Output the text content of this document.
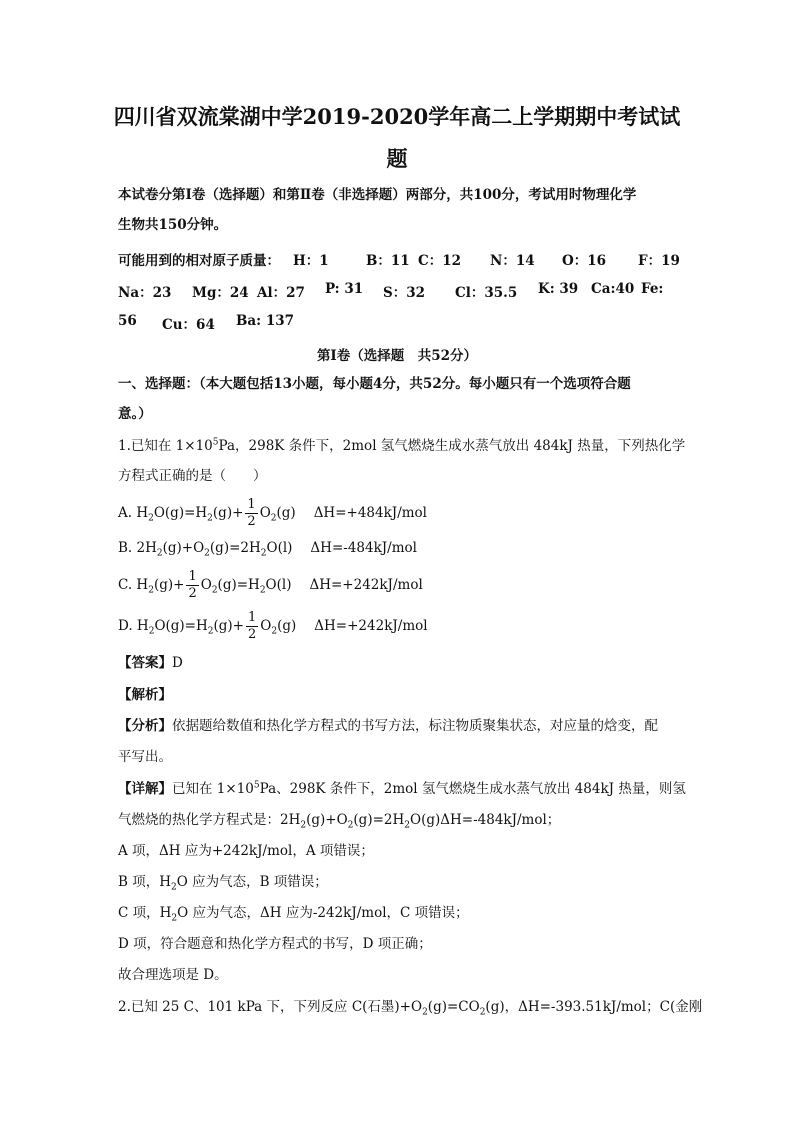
四川省双流棠湖中学2019-2020学年高二上学期期中考试试
题
本试卷分第Ⅰ卷（选择题）和第Ⅱ卷（非选择题）两部分，共100分，考试用时物理化学
生物共150分钟。
可能用到的相对原子质量： H：1	B：11 C：12 N：14 O：16 F：19
Na：23 Mg：24 Al：27 P: 31 S：32 Cl：35.5 K: 39 Ca:40 Fe:
56 Cu：64 Ba: 137
第Ⅰ卷（选择题　共52分）
一、选择题：（本大题包括13小题，每小题4分，共52分。每小题只有一个选项符合题
意。）
1.已知在 $1\times 10^5Pa$，298K 条件下，2mol 氢气燃烧生成水蒸气放出 484kJ 热量，下列热化学
方程式正确的是（　　）
A. $H_2O(g)=H_2(g)+ \frac{1}{2} O_2(g)$ ΔH=+484kJ/mol
B. $2H_2(g)+O_2(g)=2H_2O(l)$ ΔH=-484kJ/mol
C. $H_2(g)+ \frac{1}{2} O_2(g)=H_2O(l)$ ΔH=+242kJ/mol
D. $H_2O(g)=H_2(g)+ \frac{1}{2} O_2(g)$ ΔH=+242kJ/mol
【答案】D
【解析】
【分析】依据题给数值和热化学方程式的书写方法，标注物质聚集状态，对应量的焓变，配
平写出。
【详解】已知在 $1\times 10^5Pa$、298K 条件下，2mol 氢气燃烧生成水蒸气放出 484kJ 热量，则氢
气燃烧的热化学方程式是：$2H_2(g)+O_2(g)=2H_2O(g)\Delta H=-484kJ$/mol；
A 项，ΔH 应为+242kJ/mol，A 项错误；
B 项，$H_2O$ 应为气态，B 项错误；
C 项，$H_2O$ 应为气态，ΔH 应为-242kJ/mol，C 项错误；
D 项，符合题意和热化学方程式的书写，D 项正确；
故合理选项是 D。
2.已知 25 C、101 kPa 下，下列反应 C(石墨)$+O_2(g)=CO_2(g)$，ΔH=-393.51kJ/mol；C(金刚
